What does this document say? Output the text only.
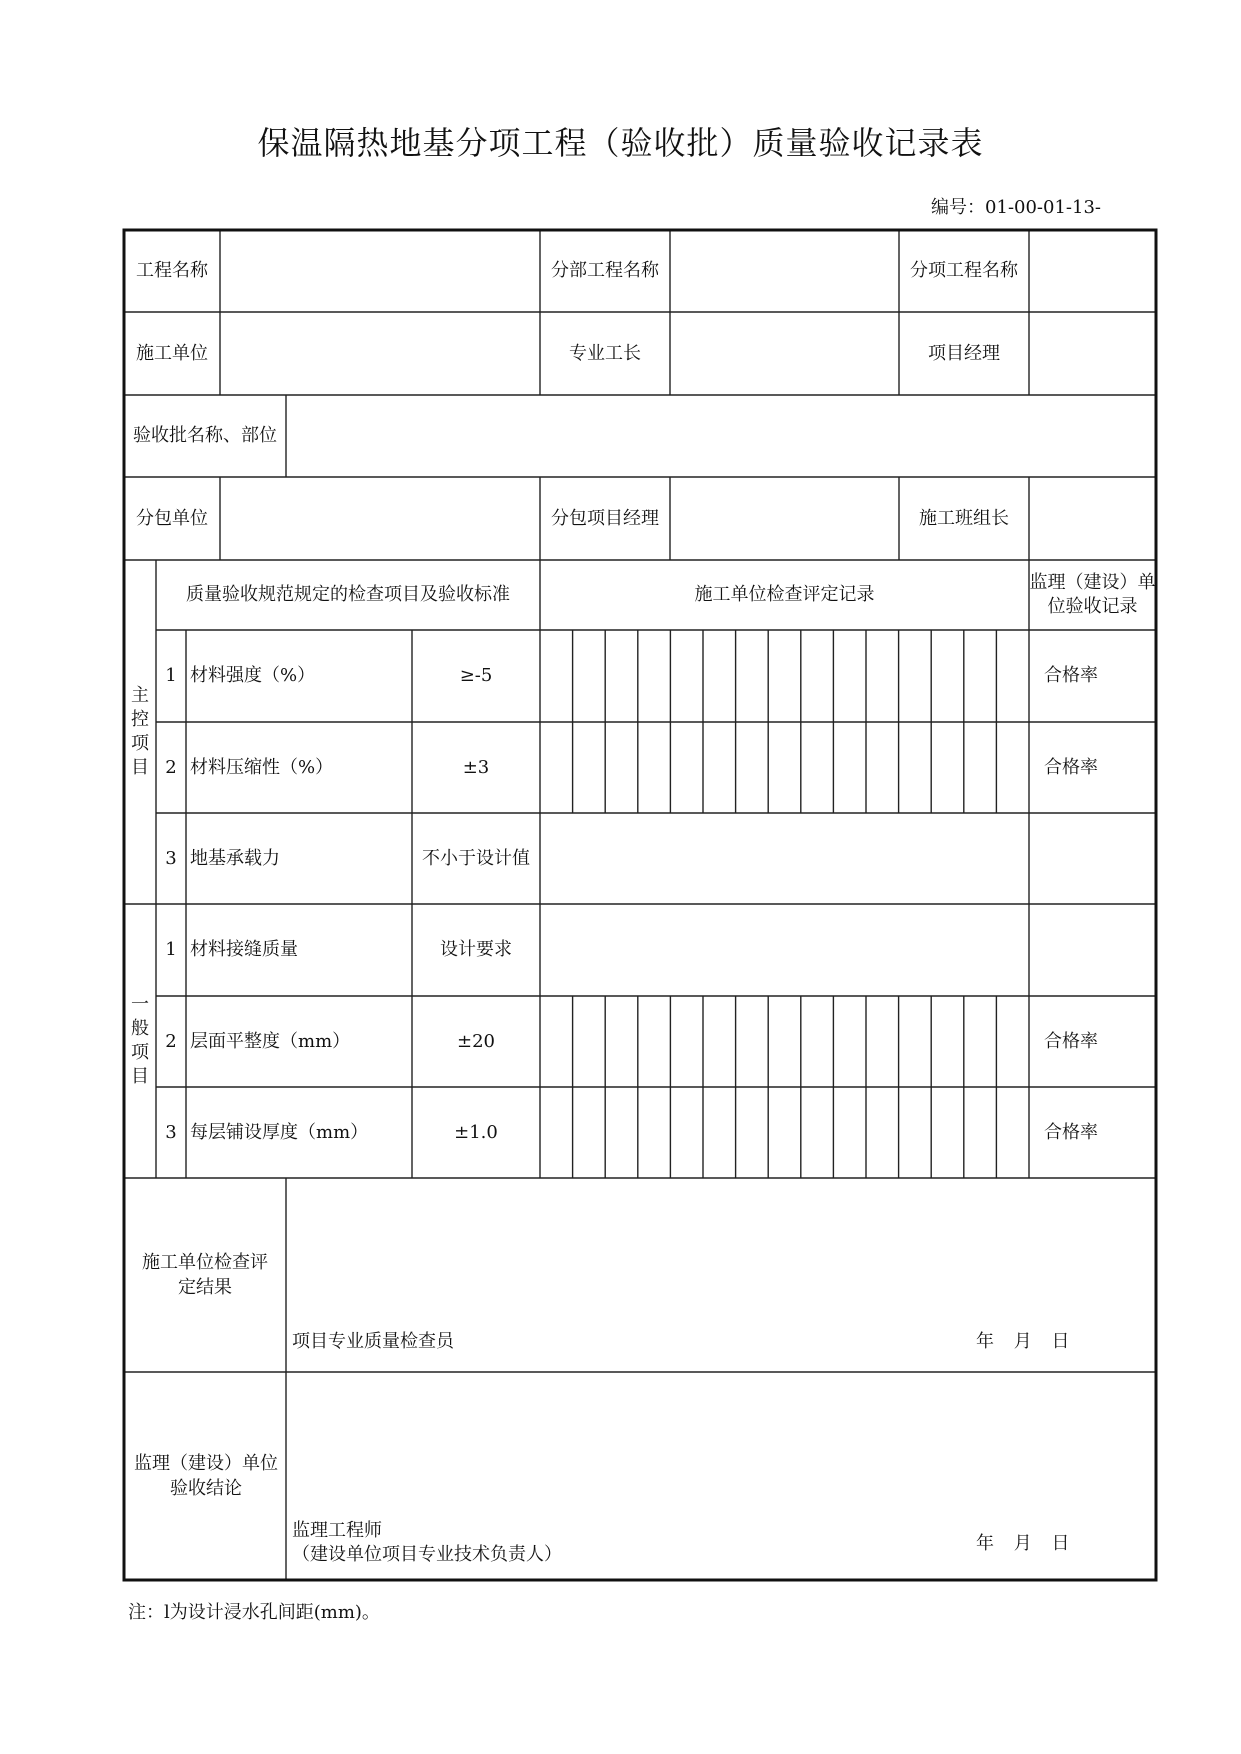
保温隔热地基分项工程（验收批）质量验收记录表
编号：01-00-01-13-
工程名称	分部工程名称	分项工程名称
施工单位	专业工长	项目经理
验收批名称、部位
分包单位	分包项目经理	施工班组长
质量验收规范规定的检查项目及验收标准	施工单位检查评定记录
监理（建设）单位验收记录
主控项目
一般项目
1 材料强度（%）	≥-5	合格率
2 材料压缩性（%）	±3	合格率
3 地基承载力	不小于设计值
1 材料接缝质量	设计要求
2 层面平整度（mm）	±20	合格率
3 每层铺设厚度（mm）	±1.0	合格率
施工单位检查评定结果
项目专业质量检查员	年 月 日
监理（建设）单位验收结论
监理工程师
（建设单位项目专业技术负责人）
年 月 日
注：l为设计浸水孔间距(mm)。
